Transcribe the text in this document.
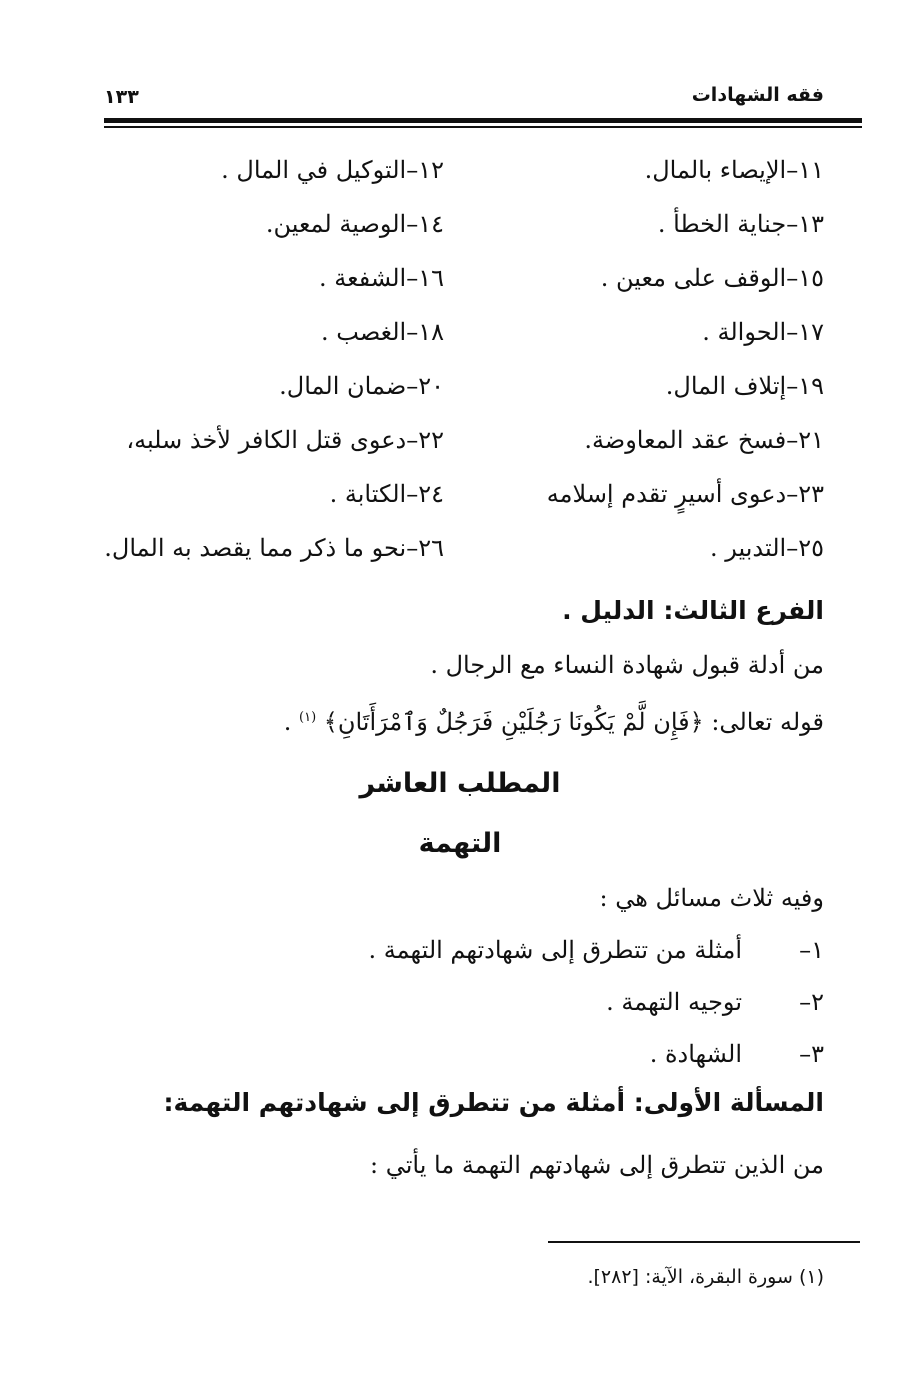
فقه الشهادات
١٣٣
١١–الإيصاء بالمال.
١٢–التوكيل في المال .
١٣–جناية الخطأ .
١٤–الوصية لمعين.
١٥–الوقف على معين .
١٦–الشفعة .
١٧–الحوالة .
١٨–الغصب .
١٩–إتلاف المال.
٢٠–ضمان المال.
٢١–فسخ عقد المعاوضة.
٢٢–دعوى قتل الكافر لأخذ سلبه،
٢٣–دعوى أسيرٍ تقدم إسلامه
٢٤–الكتابة .
٢٥–التدبير .
٢٦–نحو ما ذكر مما يقصد به المال.
الفرع الثالث: الدليل .
من أدلة قبول شهادة النساء مع الرجال .
قوله تعالى: ﴿فَإِن لَّمْ يَكُونَا رَجُلَيْنِ فَرَجُلٌ وَٱمْرَأَتَانِ﴾ $^{(١)}$ .
المطلب العاشر
التهمة
وفيه ثلاث مسائل هي :
١–أمثلة من تتطرق إلى شهادتهم التهمة .
٢–توجيه التهمة .
٣–الشهادة .
المسألة الأولى: أمثلة من تتطرق إلى شهادتهم التهمة:
من الذين تتطرق إلى شهادتهم التهمة ما يأتي :
(١) سورة البقرة، الآية: [٢٨٢].
